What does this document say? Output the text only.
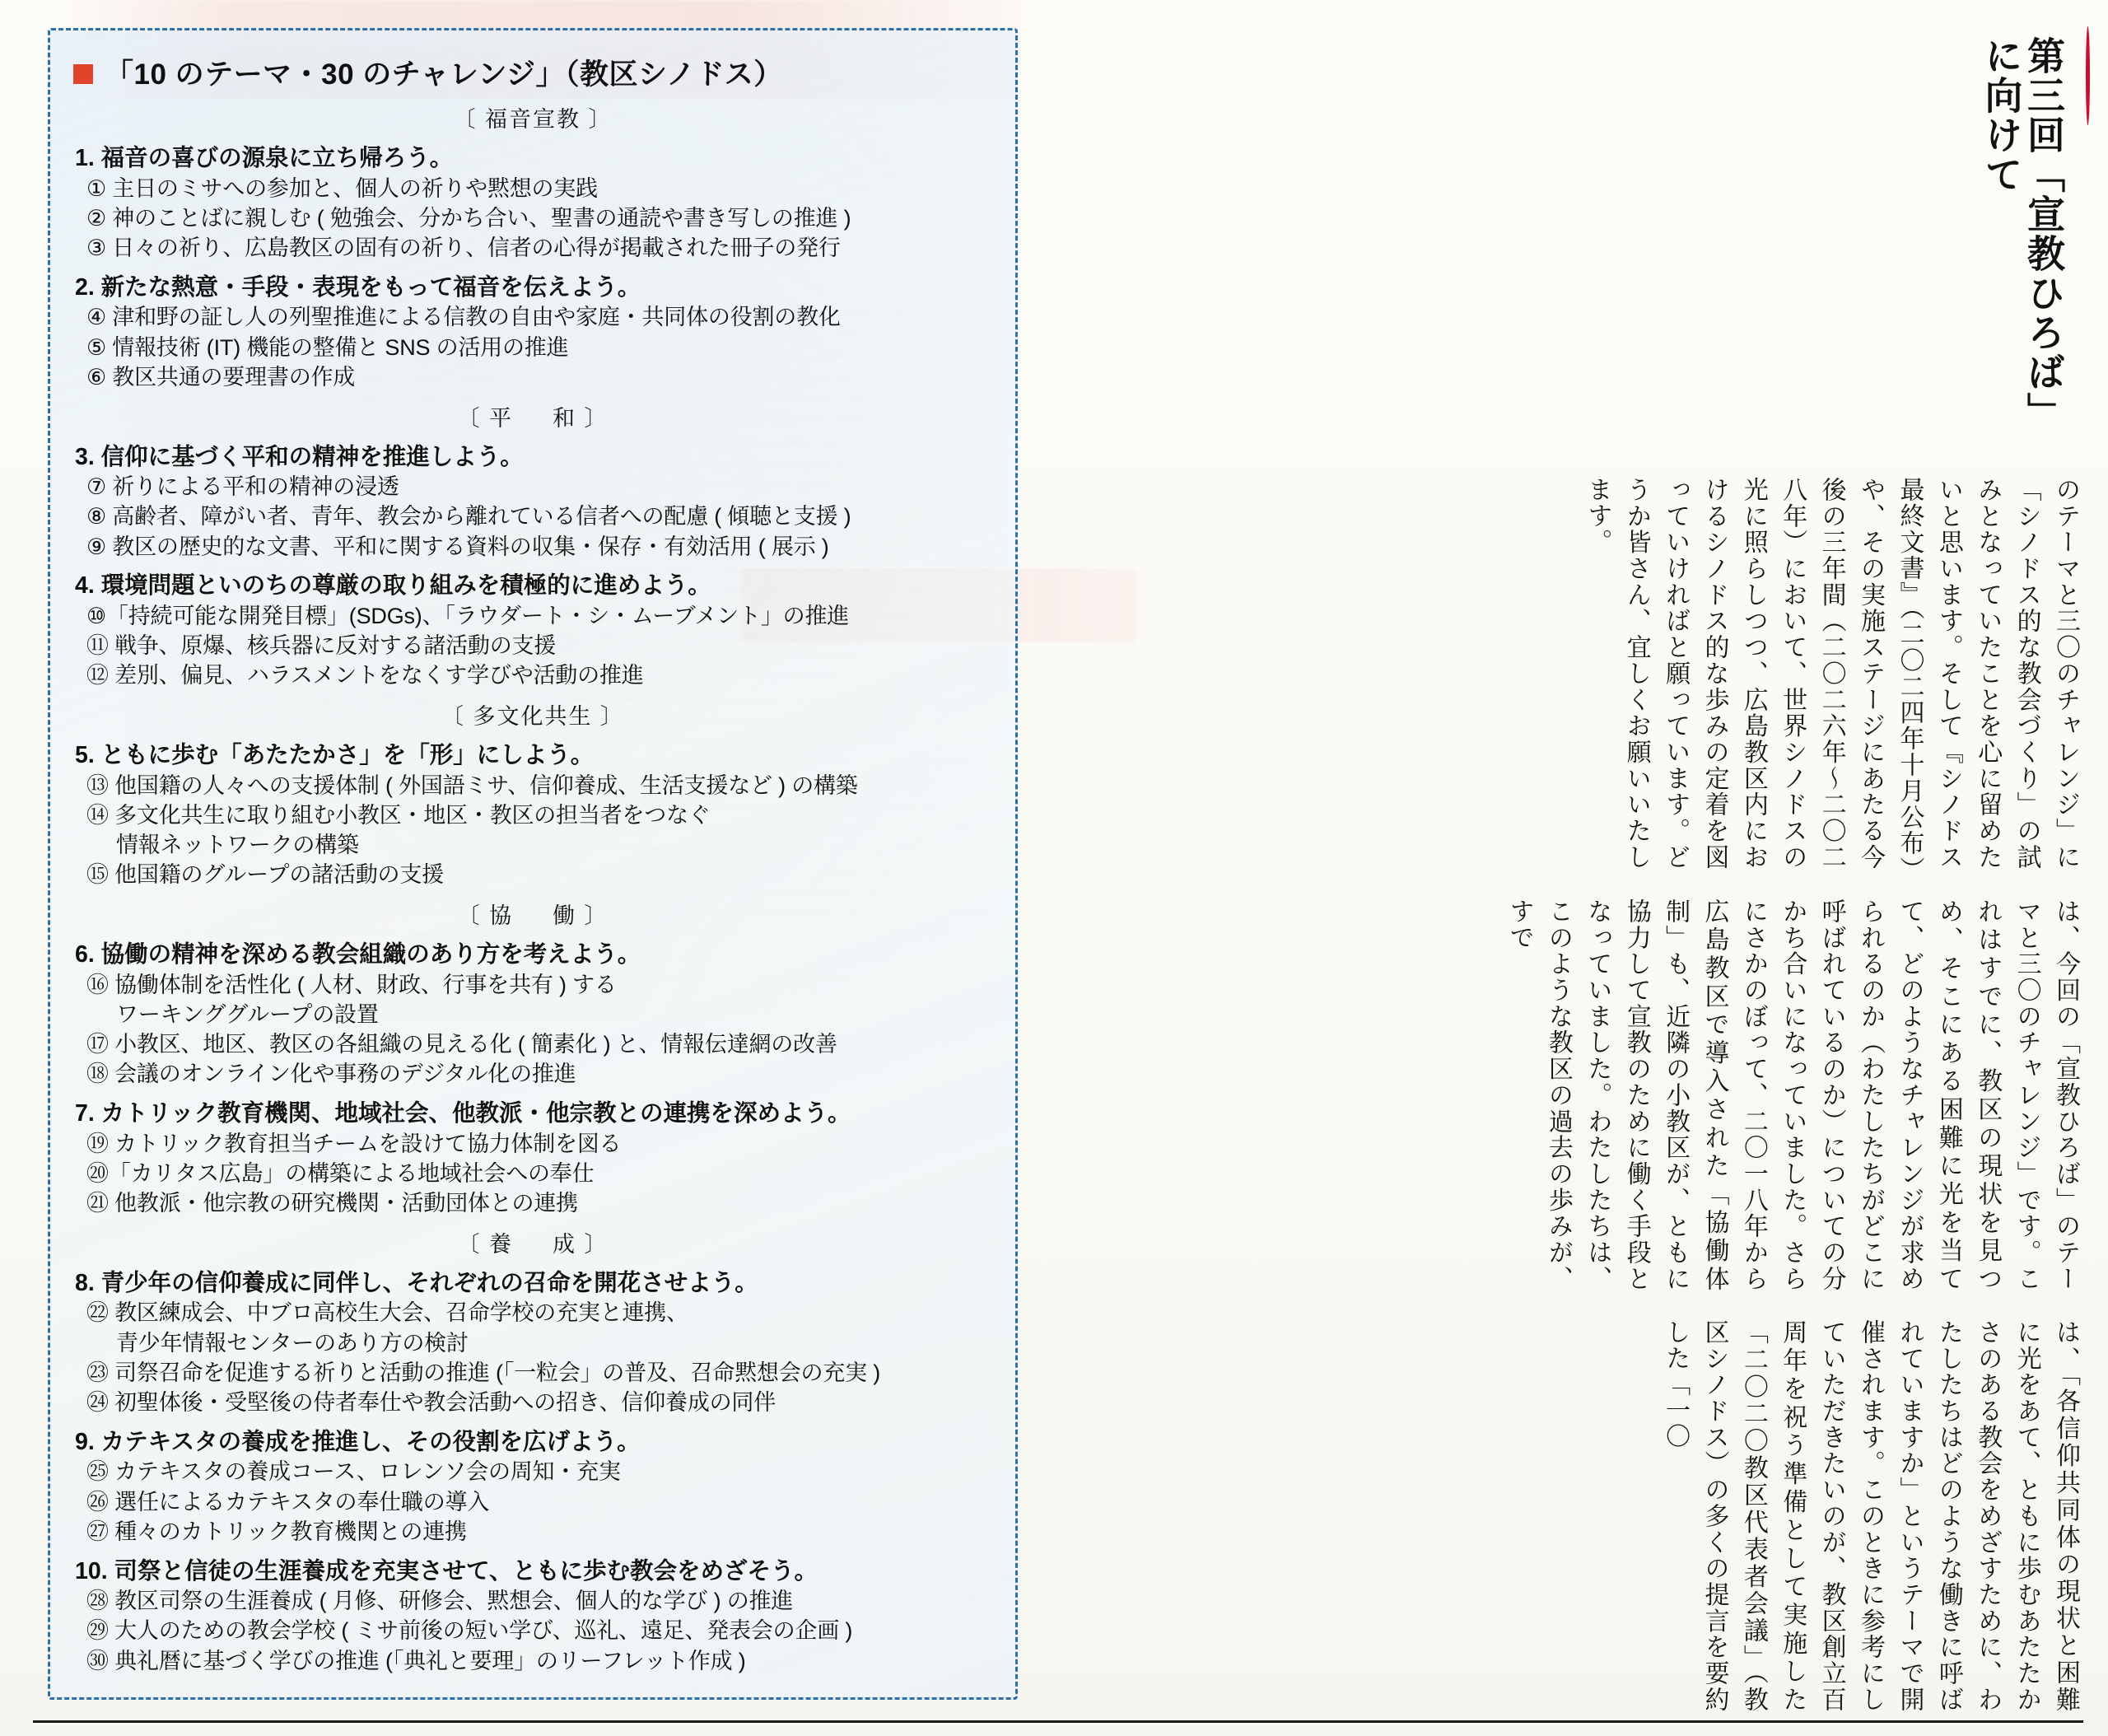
第三回「宣教ひろば」に向けて
のテーマと三〇のチャレンジ」に「シノドス的な教会づくり」の試みとなっていたことを心に留めたいと思います。そして『シノドス最終文書』（二〇二四年十月公布）や、その実施ステージにあたる今後の三年間（二〇二六年〜二〇二八年）において、世界シノドスの光に照らしつつ、広島教区内におけるシノドス的な歩みの定着を図っていければと願っています。どうか皆さん、宜しくお願いいたします。
は、今回の「宣教ひろば」のテーマと三〇のチャレンジ」です。これはすでに、教区の現状を見つめ、そこにある困難に光を当てて、どのようなチャレンジが求められるのか（わたしたちがどこに呼ばれているのか）についての分かち合いになっていました。さらにさかのぼって、二〇一八年から広島教区で導入された「協働体制」も、近隣の小教区が、ともに協力して宣教のために働く手段となっていました。わたしたちは、このような教区の過去の歩みが、すで
は、「各信仰共同体の現状と困難に光をあて、ともに歩むあたたかさのある教会をめざすために、わたしたちはどのような働きに呼ばれていますか」というテーマで開催されます。このときに参考にしていただきたいのが、教区創立百周年を祝う準備として実施した「二〇二〇教区代表者会議」（教区シノドス）の多くの提言を要約した「一〇
「10 のテーマ・30 のチャレンジ」（教区シノドス）
〔 福音宣教 〕
1. 福音の喜びの源泉に立ち帰ろう。
① 主日のミサへの参加と、個人の祈りや黙想の実践
② 神のことばに親しむ ( 勉強会、分かち合い、聖書の通読や書き写しの推進 )
③ 日々の祈り、広島教区の固有の祈り、信者の心得が掲載された冊子の発行
2. 新たな熱意・手段・表現をもって福音を伝えよう。
④ 津和野の証し人の列聖推進による信教の自由や家庭・共同体の役割の教化
⑤ 情報技術 (IT) 機能の整備と SNS の活用の推進
⑥ 教区共通の要理書の作成
〔 平 　 和 〕
3. 信仰に基づく平和の精神を推進しよう。
⑦ 祈りによる平和の精神の浸透
⑧ 高齢者、障がい者、青年、教会から離れている信者への配慮 ( 傾聴と支援 )
⑨ 教区の歴史的な文書、平和に関する資料の収集・保存・有効活用 ( 展示 )
4. 環境問題といのちの尊厳の取り組みを積極的に進めよう。
⑩「持続可能な開発目標」(SDGs)、「ラウダート・シ・ムーブメント」の推進
⑪ 戦争、原爆、核兵器に反対する諸活動の支援
⑫ 差別、偏見、ハラスメントをなくす学びや活動の推進
〔 多文化共生 〕
5. ともに歩む「あたたかさ」を「形」にしよう。
⑬ 他国籍の人々への支援体制 ( 外国語ミサ、信仰養成、生活支援など ) の構築
⑭ 多文化共生に取り組む小教区・地区・教区の担当者をつなぐ
情報ネットワークの構築
⑮ 他国籍のグループの諸活動の支援
〔 協 　 働 〕
6. 協働の精神を深める教会組織のあり方を考えよう。
⑯ 協働体制を活性化 ( 人材、財政、行事を共有 ) する
ワーキンググループの設置
⑰ 小教区、地区、教区の各組織の見える化 ( 簡素化 ) と、情報伝達網の改善
⑱ 会議のオンライン化や事務のデジタル化の推進
7. カトリック教育機関、地域社会、他教派・他宗教との連携を深めよう。
⑲ カトリック教育担当チームを設けて協力体制を図る
⑳「カリタス広島」の構築による地域社会への奉仕
㉑ 他教派・他宗教の研究機関・活動団体との連携
〔 養 　 成 〕
8. 青少年の信仰養成に同伴し、それぞれの召命を開花させよう。
㉒ 教区練成会、中ブロ高校生大会、召命学校の充実と連携、
青少年情報センターのあり方の検討
㉓ 司祭召命を促進する祈りと活動の推進 (「一粒会」の普及、召命黙想会の充実 )
㉔ 初聖体後・受堅後の侍者奉仕や教会活動への招き、信仰養成の同伴
9. カテキスタの養成を推進し、その役割を広げよう。
㉕ カテキスタの養成コース、ロレンソ会の周知・充実
㉖ 選任によるカテキスタの奉仕職の導入
㉗ 種々のカトリック教育機関との連携
10. 司祭と信徒の生涯養成を充実させて、ともに歩む教会をめざそう。
㉘ 教区司祭の生涯養成 ( 月修、研修会、黙想会、個人的な学び ) の推進
㉙ 大人のための教会学校 ( ミサ前後の短い学び、巡礼、遠足、発表会の企画 )
㉚ 典礼暦に基づく学びの推進 (「典礼と要理」のリーフレット作成 )
